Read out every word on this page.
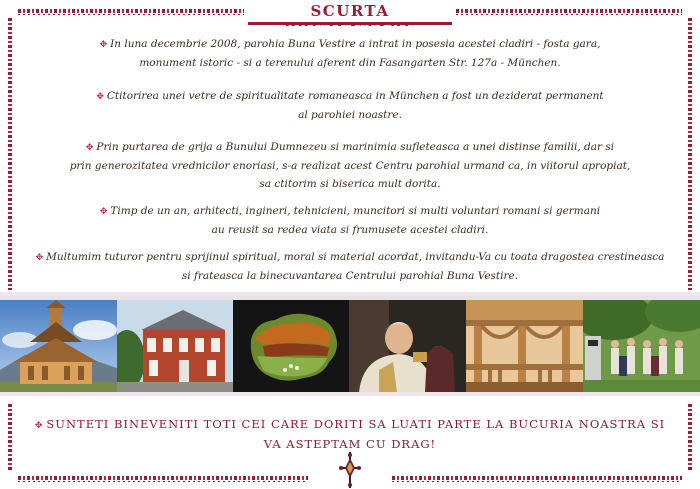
SCURTA
✥ In luna decembrie 2008, parohia Buna Vestire a intrat in posesia acestei cladiri - fosta gara,
monument istoric - si a terenului aferent din Fasangarten Str. 127a - München.
✥ Ctitorirea unei vetre de spiritualitate romaneasca in München a fost un deziderat permanent
al parohiei noastre.
✥ Prin purtarea de grija a Bunului Dumnezeu si marinimia sufleteasca a unei distinse familii, dar si
prin generozitatea vrednicilor enoriasi, s-a realizat acest Centru parohial urmand ca, in viitorul apropiat,
sa ctitorim si biserica mult dorita.
✥ Timp de un an, arhitecti, ingineri, tehnicieni, muncitori si multi voluntari romani si germani
au reusit sa redea viata si frumusete acestei cladiri.
✥ Multumim tuturor pentru sprijinul spiritual, moral si material acordat, invitandu-Va cu toata dragostea crestineasca
si frateasca la binecuvantarea Centrului parohial Buna Vestire.
✥ SUNTETI BINEVENITI TOTI CEI CARE DORITI SA LUATI PARTE LA BUCURIA NOASTRA SI
VA ASTEPTAM CU DRAG!
